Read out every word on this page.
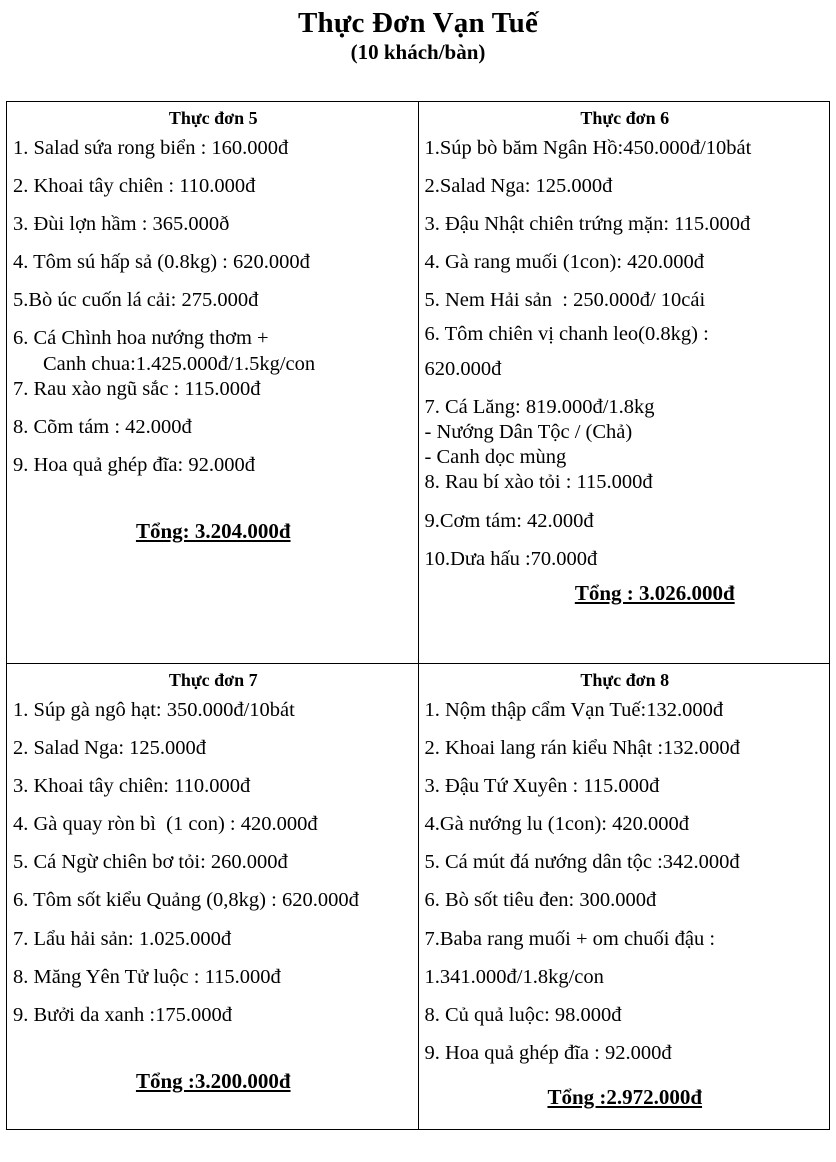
Thực Đơn Vạn Tuế
(10 khách/bàn)
Thực đơn 5
1. Salad sứa rong biển : 160.000đ
2. Khoai tây chiên : 110.000đ
3. Đùi lợn hầm : 365.000ð
4. Tôm sú hấp sả (0.8kg) : 620.000đ
5.Bò úc cuốn lá cải: 275.000đ
6. Cá Chình hoa nướng thơm +
Canh chua:1.425.000đ/1.5kg/con
7. Rau xào ngũ sắc : 115.000đ
8. Cõm tám : 42.000đ
9. Hoa quả ghép đĩa: 92.000đ
Tổng: 3.204.000đ

Thực đơn 6
1.Súp bò băm Ngân Hồ:450.000đ/10bát
2.Salad Nga: 125.000đ
3. Đậu Nhật chiên trứng mặn: 115.000đ
4. Gà rang muối (1con): 420.000đ
5. Nem Hải sản  : 250.000đ/ 10cái
6. Tôm chiên vị chanh leo(0.8kg) :
620.000đ
7. Cá Lăng: 819.000đ/1.8kg
- Nướng Dân Tộc / (Chả)
- Canh dọc mùng
8. Rau bí xào tỏi : 115.000đ
9.Cơm tám: 42.000đ
10.Dưa hấu :70.000đ
Tổng : 3.026.000đ

Thực đơn 7
1. Súp gà ngô hạt: 350.000đ/10bát
2. Salad Nga: 125.000đ
3. Khoai tây chiên: 110.000đ
4. Gà quay ròn bì  (1 con) : 420.000đ
5. Cá Ngừ chiên bơ tỏi: 260.000đ
6. Tôm sốt kiểu Quảng (0,8kg) : 620.000đ
7. Lẩu hải sản: 1.025.000đ
8. Măng Yên Tử luộc : 115.000đ
9. Bưởi da xanh :175.000đ
Tổng :3.200.000đ

Thực đơn 8
1. Nộm thập cẩm Vạn Tuế:132.000đ
2. Khoai lang rán kiểu Nhật :132.000đ
3. Đậu Tứ Xuyên : 115.000đ
4.Gà nướng lu (1con): 420.000đ
5. Cá mút đá nướng dân tộc :342.000đ
6. Bò sốt tiêu đen: 300.000đ
7.Baba rang muối + om chuối đậu :
1.341.000đ/1.8kg/con
8. Củ quả luộc: 98.000đ
9. Hoa quả ghép đĩa : 92.000đ
Tổng :2.972.000đ
